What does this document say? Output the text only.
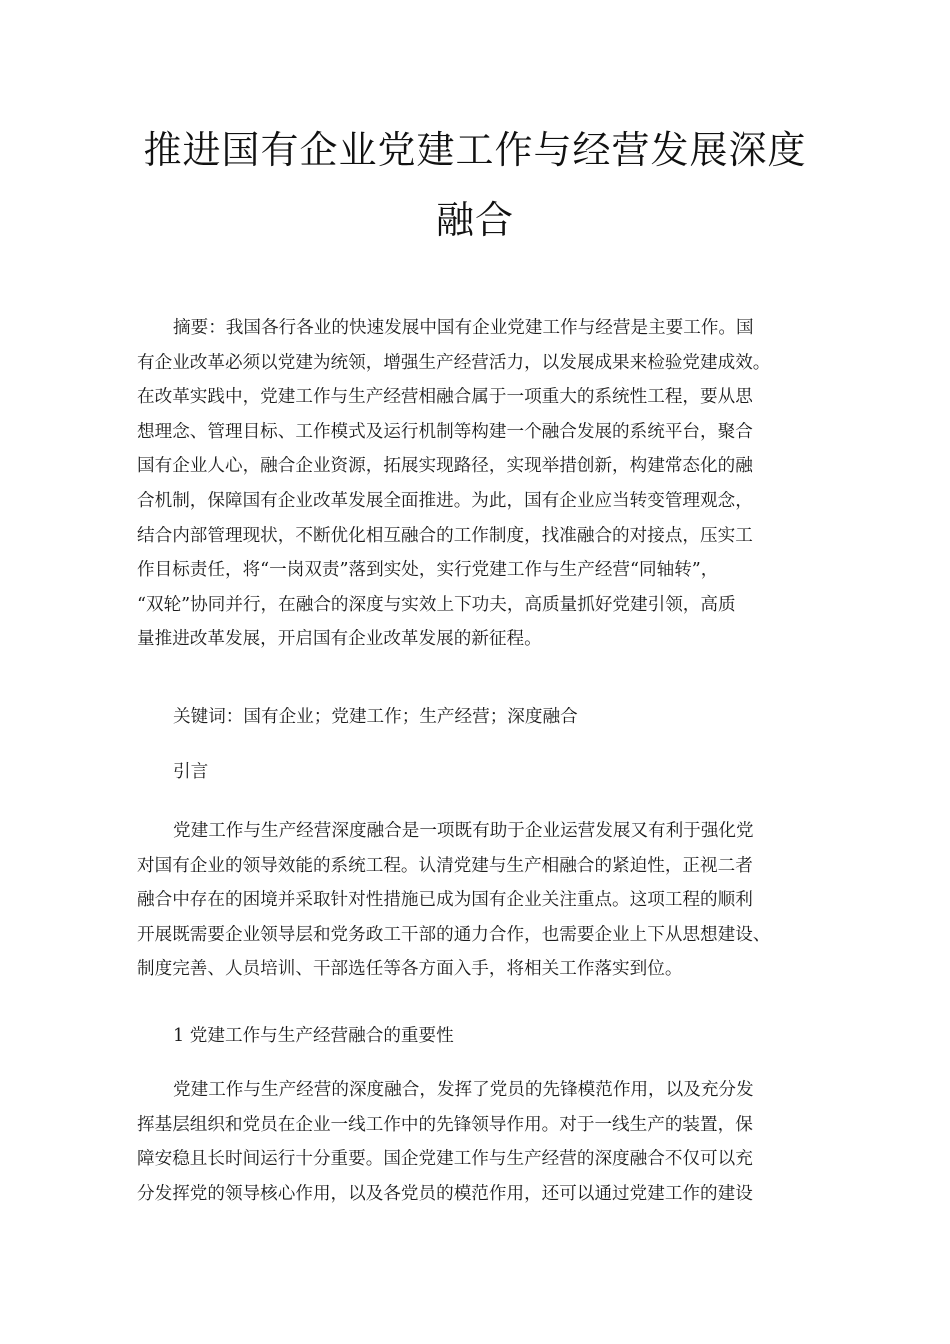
推进国有企业党建工作与经营发展深度
融合
摘要：我国各行各业的快速发展中国有企业党建工作与经营是主要工作。国
有企业改革必须以党建为统领，增强生产经营活力，以发展成果来检验党建成效。
在改革实践中，党建工作与生产经营相融合属于一项重大的系统性工程，要从思
想理念、管理目标、工作模式及运行机制等构建一个融合发展的系统平台，聚合
国有企业人心，融合企业资源，拓展实现路径，实现举措创新，构建常态化的融
合机制，保障国有企业改革发展全面推进。为此，国有企业应当转变管理观念，
结合内部管理现状，不断优化相互融合的工作制度，找准融合的对接点，压实工
作目标责任，将“一岗双责”落到实处，实行党建工作与生产经营“同轴转”，
“双轮”协同并行，在融合的深度与实效上下功夫，高质量抓好党建引领，高质
量推进改革发展，开启国有企业改革发展的新征程。

关键词：国有企业；党建工作；生产经营；深度融合

引言

党建工作与生产经营深度融合是一项既有助于企业运营发展又有利于强化党
对国有企业的领导效能的系统工程。认清党建与生产相融合的紧迫性，正视二者
融合中存在的困境并采取针对性措施已成为国有企业关注重点。这项工程的顺利
开展既需要企业领导层和党务政工干部的通力合作，也需要企业上下从思想建设、
制度完善、人员培训、干部选任等各方面入手，将相关工作落实到位。

1 党建工作与生产经营融合的重要性

党建工作与生产经营的深度融合，发挥了党员的先锋模范作用，以及充分发
挥基层组织和党员在企业一线工作中的先锋领导作用。对于一线生产的装置，保
障安稳且长时间运行十分重要。国企党建工作与生产经营的深度融合不仅可以充
分发挥党的领导核心作用，以及各党员的模范作用，还可以通过党建工作的建设
